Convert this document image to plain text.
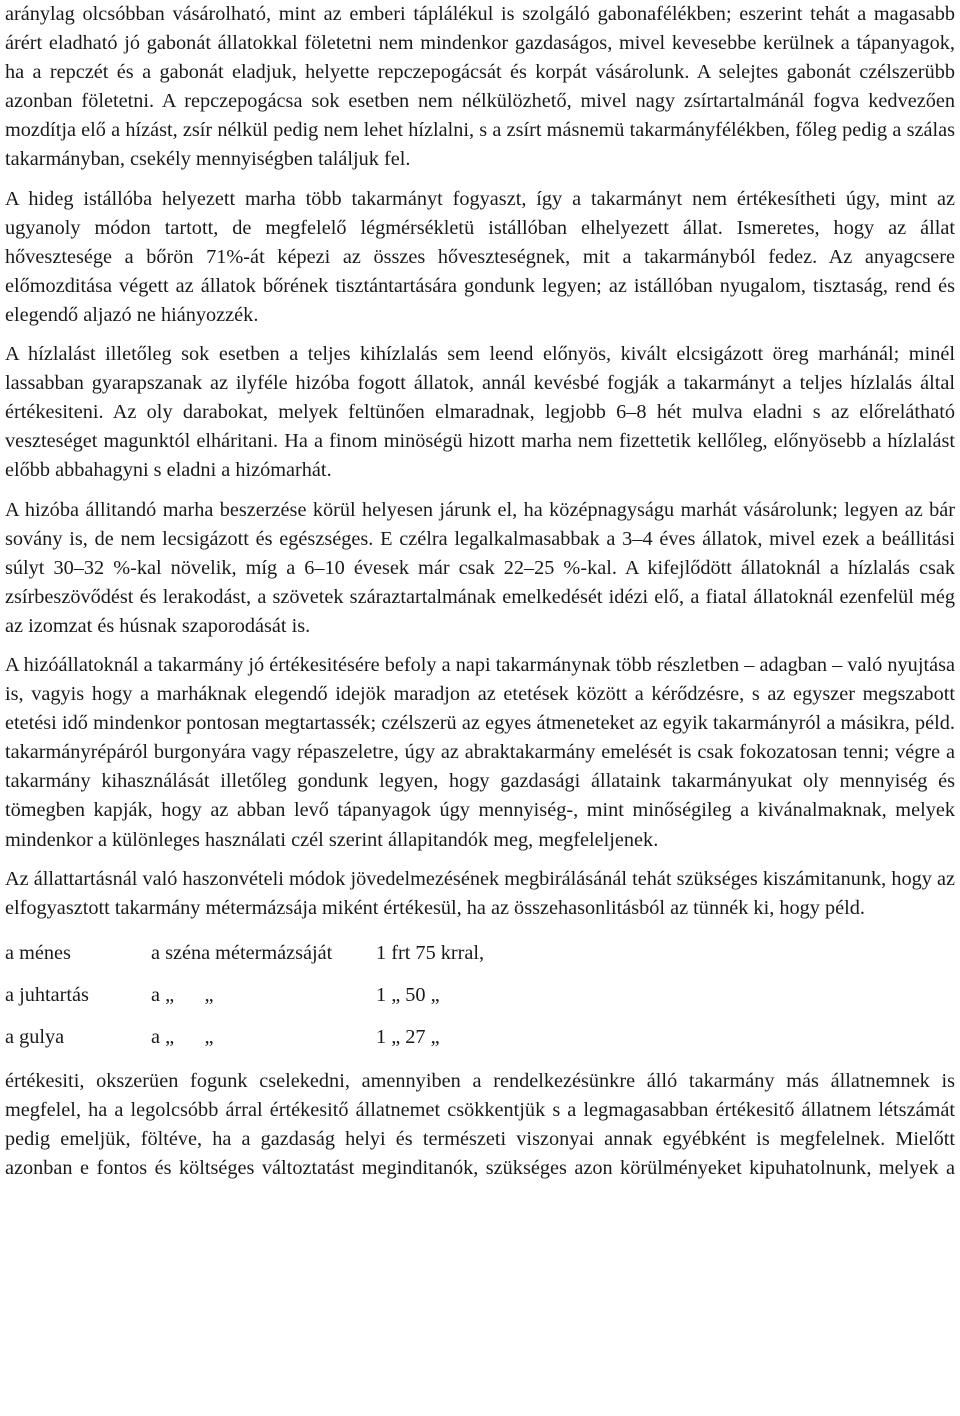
aránylag olcsóbban vásárolható, mint az emberi táplálékul is szolgáló gabonafélékben; eszerint tehát a magasabb árért eladható jó gabonát állatokkal föletetni nem mindenkor gazdaságos, mivel kevesebbe kerülnek a tápanyagok, ha a repczét és a gabonát eladjuk, helyette repczepogácsát és korpát vásárolunk. A selejtes gabonát czélszerübb azonban föletetni. A repczepogácsa sok esetben nem nélkülözhető, mivel nagy zsírtartalmánál fogva kedvezően mozdítja elő a hízást, zsír nélkül pedig nem lehet hízlalni, s a zsírt másnemü takarmányfélékben, főleg pedig a szálas takarmányban, csekély mennyiségben találjuk fel.

A hideg istállóba helyezett marha több takarmányt fogyaszt, így a takarmányt nem értékesítheti úgy, mint az ugyanoly módon tartott, de megfelelő légmérsékletü istállóban elhelyezett állat. Ismeretes, hogy az állat hővesztesége a bőrön 71%-át képezi az összes hőveszteségnek, mit a takarmányból fedez. Az anyagcsere előmozditása végett az állatok bőrének tisztántartására gondunk legyen; az istállóban nyugalom, tisztaság, rend és elegendő aljazó ne hiányozzék.

A hízlalást illetőleg sok esetben a teljes kihízlalás sem leend előnyös, kivált elcsigázott öreg marhánál; minél lassabban gyarapszanak az ilyféle hizóba fogott állatok, annál kevésbé fogják a takarmányt a teljes hízlalás által értékesiteni. Az oly darabokat, melyek feltünően elmaradnak, legjobb 6–8 hét mulva eladni s az előrelátható veszteséget magunktól elháritani. Ha a finom minöségü hizott marha nem fizettetik kellőleg, előnyösebb a hízlalást előbb abbahagyni s eladni a hizómarhát.

A hizóba állitandó marha beszerzése körül helyesen járunk el, ha középnagyságu marhát vásárolunk; legyen az bár sovány is, de nem lecsigázott és egészséges. E czélra legalkalmasabbak a 3–4 éves állatok, mivel ezek a beállitási súlyt 30–32 %-kal növelik, míg a 6–10 évesek már csak 22–25 %-kal. A kifejlődött állatoknál a hízlalás csak zsírbeszövődést és lerakodást, a szövetek száraztartalmának emelkedését idézi elő, a fiatal állatoknál ezenfelül még az izomzat és húsnak szaporodását is.

A hizóállatoknál a takarmány jó értékesitésére befoly a napi takarmánynak több részletben – adagban – való nyujtása is, vagyis hogy a marháknak elegendő idejök maradjon az etetések között a kérődzésre, s az egyszer megszabott etetési idő mindenkor pontosan megtartassék; czélszerü az egyes átmeneteket az egyik takarmányról a másikra, péld. takarmányrépáról burgonyára vagy répaszeletre, úgy az abraktakarmány emelését is csak fokozatosan tenni; végre a takarmány kihasználását illetőleg gondunk legyen, hogy gazdasági állataink takarmányukat oly mennyiség és tömegben kapják, hogy az abban levő tápanyagok úgy mennyiség-, mint minőségileg a kivánalmaknak, melyek mindenkor a különleges használati czél szerint állapitandók meg, megfeleljenek.

Az állattartásnál való haszonvételi módok jövedelmezésének megbirálásánál tehát szükséges kiszámitanunk, hogy az elfogyasztott takarmány métermázsája miként értékesül, ha az összehasonlitásból az tünnék ki, hogy péld.

a ménes	a széna métermázsáját	1 frt 75 krral,
a juhtartás	a „      „	1 „ 50 „
a gulya	a „      „	1 „ 27 „

értékesiti, okszerüen fogunk cselekedni, amennyiben a rendelkezésünkre álló takarmány más állatnemnek is megfelel, ha a legolcsóbb árral értékesitő állatnemet csökkentjük s a legmagasabban értékesitő állatnem létszámát pedig emeljük, föltéve, ha a gazdaság helyi és természeti viszonyai annak egyébként is megfelelnek. Mielőtt azonban e fontos és költséges változtatást meginditanók, szükséges azon körülményeket kipuhatolnunk, melyek a
